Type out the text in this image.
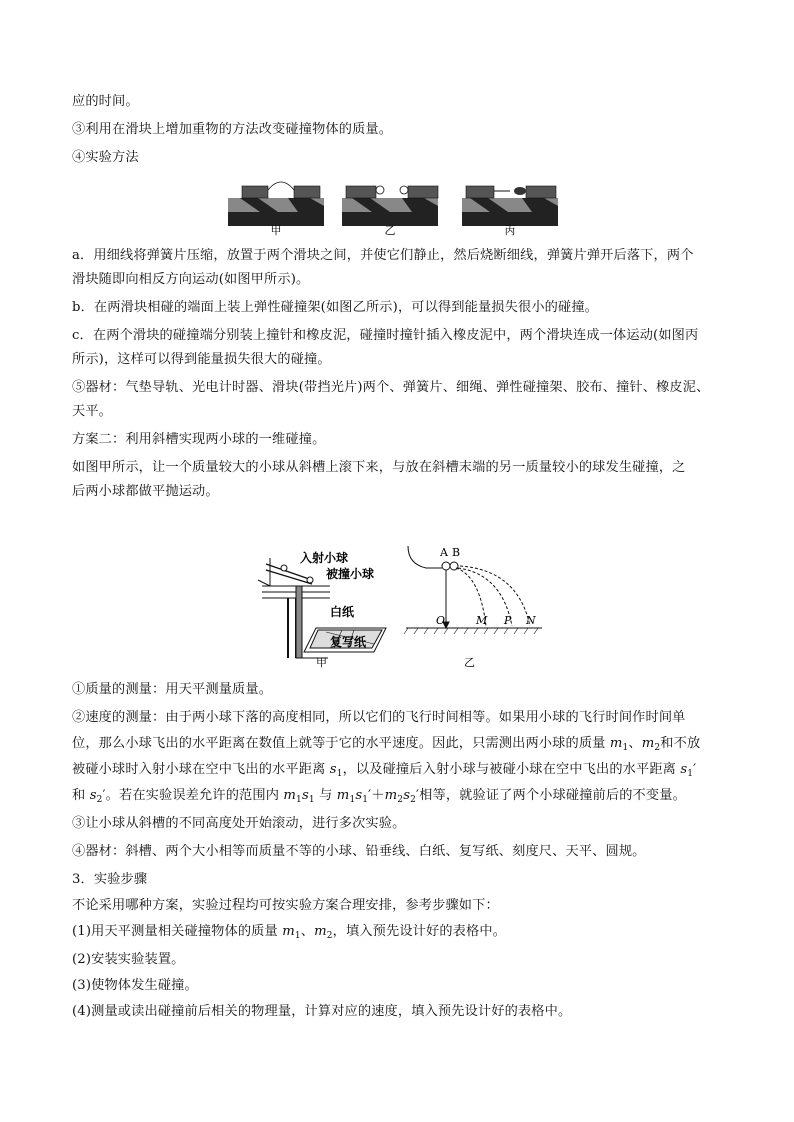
应的时间。
③利用在滑块上增加重物的方法改变碰撞物体的质量。
④实验方法
甲	乙	丙
a．用细线将弹簧片压缩，放置于两个滑块之间，并使它们静止，然后烧断细线，弹簧片弹开后落下，两个
滑块随即向相反方向运动(如图甲所示)。
b．在两滑块相碰的端面上装上弹性碰撞架(如图乙所示)，可以得到能量损失很小的碰撞。
c．在两个滑块的碰撞端分别装上撞针和橡皮泥，碰撞时撞针插入橡皮泥中，两个滑块连成一体运动(如图丙
所示)，这样可以得到能量损失很大的碰撞。
⑤器材：气垫导轨、光电计时器、滑块(带挡光片)两个、弹簧片、细绳、弹性碰撞架、胶布、撞针、橡皮泥、
天平。
方案二：利用斜槽实现两小球的一维碰撞。
如图甲所示，让一个质量较大的小球从斜槽上滚下来，与放在斜槽末端的另一质量较小的球发生碰撞，之
后两小球都做平抛运动。
入射小球
被撞小球
白纸
复写纸
甲
A B
O	M P N
乙
①质量的测量：用天平测量质量。
②速度的测量：由于两小球下落的高度相同，所以它们的飞行时间相等。如果用小球的飞行时间作时间单
位，那么小球飞出的水平距离在数值上就等于它的水平速度。因此，只需测出两小球的质量 $m_1$、$m_2$和不放
被碰小球时入射小球在空中飞出的水平距离 $s_1$，以及碰撞后入射小球与被碰小球在空中飞出的水平距离 $s_1'$
和 $s_2'$。若在实验误差允许的范围内 $m_1s_1$ 与 $m_1s_1'+m_2s_2'$相等，就验证了两个小球碰撞前后的不变量。
③让小球从斜槽的不同高度处开始滚动，进行多次实验。
④器材：斜槽、两个大小相等而质量不等的小球、铅垂线、白纸、复写纸、刻度尺、天平、圆规。
3．实验步骤
不论采用哪种方案，实验过程均可按实验方案合理安排，参考步骤如下：
(1)用天平测量相关碰撞物体的质量 $m_1$、$m_2$，填入预先设计好的表格中。
(2)安装实验装置。
(3)使物体发生碰撞。
(4)测量或读出碰撞前后相关的物理量，计算对应的速度，填入预先设计好的表格中。
